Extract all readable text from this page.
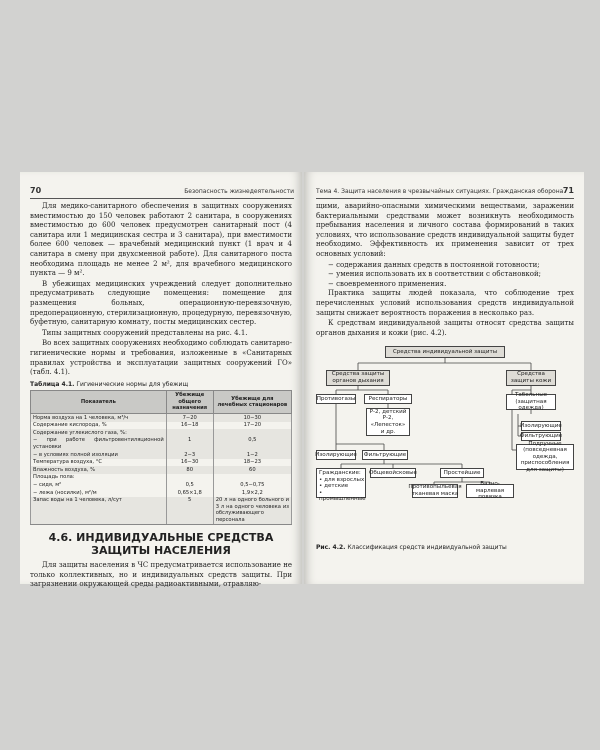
70	Безопасность жизнедеятельности

Для медико-санитарного обеспечения в защитных сооружениях вместимостью до 150 человек работают 2 санитара, в сооружениях вместимостью до 600 человек предусмотрен санитарный пост (4 санитара или 1 медицинская сестра и 3 санитара), при вместимости более 600 человек — врачебный медицинский пункт (1 врач и 4 санитара в смену при двухсменной работе). Для санитарного поста необходима площадь не менее 2 м², для врачебного медицинского пункта — 9 м².

В убежищах медицинских учреждений следует дополнительно предусматривать следующие помещения: помещение для размещения больных, операционную-перевязочную, предоперационную, стерилизационную, процедурную, перевязочную, буфетную, санитарную комнату, посты медицинских сестер.

Типы защитных сооружений представлены на рис. 4.1.

Во всех защитных сооружениях необходимо соблюдать санитарно-гигиенические нормы и требования, изложенные в «Санитарных правилах устройства и эксплуатации защитных сооружений ГО» (табл. 4.1).

Таблица 4.1. Гигиенические нормы для убежищ
Показатель	Убежище общего назначения	Убежище для лечебных стационаров
Норма воздуха на 1 человека, м³/ч	7−20	10−30
Содержание кислорода, %	16−18	17−20
Содержание углекислого газа, %:		
− при работе фильтровентиляционной установки	1	0,5
− в условиях полной изоляции	2−3	1−2
Температура воздуха, °С	16−30	18−23
Влажность воздуха, %	80	60
Площадь пола:		
− сидя, м²	0,5	0,5−0,75
− лежа (носилки), м²/м	0,65×1,8	1,9×2,2
Запас воды на 1 человека, л/сут	5	20 л на одного больного и 3 л на одного человека из обслуживающего персонала
4.6. ИНДИВИДУАЛЬНЫЕ СРЕДСТВА ЗАЩИТЫ НАСЕЛЕНИЯ

Для защиты населения в ЧС предусматривается использование не только коллективных, но и индивидуальных средств защиты. При загрязнении окружающей среды радиоактивными, отравляю-

Тема 4. Защита населения в чрезвычайных ситуациях. Гражданская оборона 71

щими, аварийно-опасными химическими веществами, заражении бактериальными средствами может возникнуть необходимость пребывания населения и личного состава формирований в таких условиях, что использование средств индивидуальной защиты будет необходимо. Эффективность их применения зависит от трех основных условий:

− содержания данных средств в постоянной готовности;

− умения использовать их в соответствии с обстановкой;

− своевременного применения.

Практика защиты людей показала, что соблюдение трех перечисленных условий использования средств индивидуальной защиты снижает вероятность поражения в несколько раз.

К средствам индивидуальной защиты относят средства защиты органов дыхания и кожи (рис. 4.2).

Средства индивидуальной защиты
Средства защиты органов дыхания
Средства защиты кожи
Противогазы	Респираторы
Р-2, детский Р-2, «Лепесток» и др.
Изолирующие	Фильтрующие
Гражданские:
• для взрослых
• детские
• промышленные
Общевойсковые	Простейшие
Противопыльевая тканевая маска
Ватно-марлевая повязка
Табельные (защитная одежда)
Изолирующие
Фильтрующие
Подручные (повседневная одежда, приспособления для защиты)
Рис. 4.2. Классификация средств индивидуальной защиты
